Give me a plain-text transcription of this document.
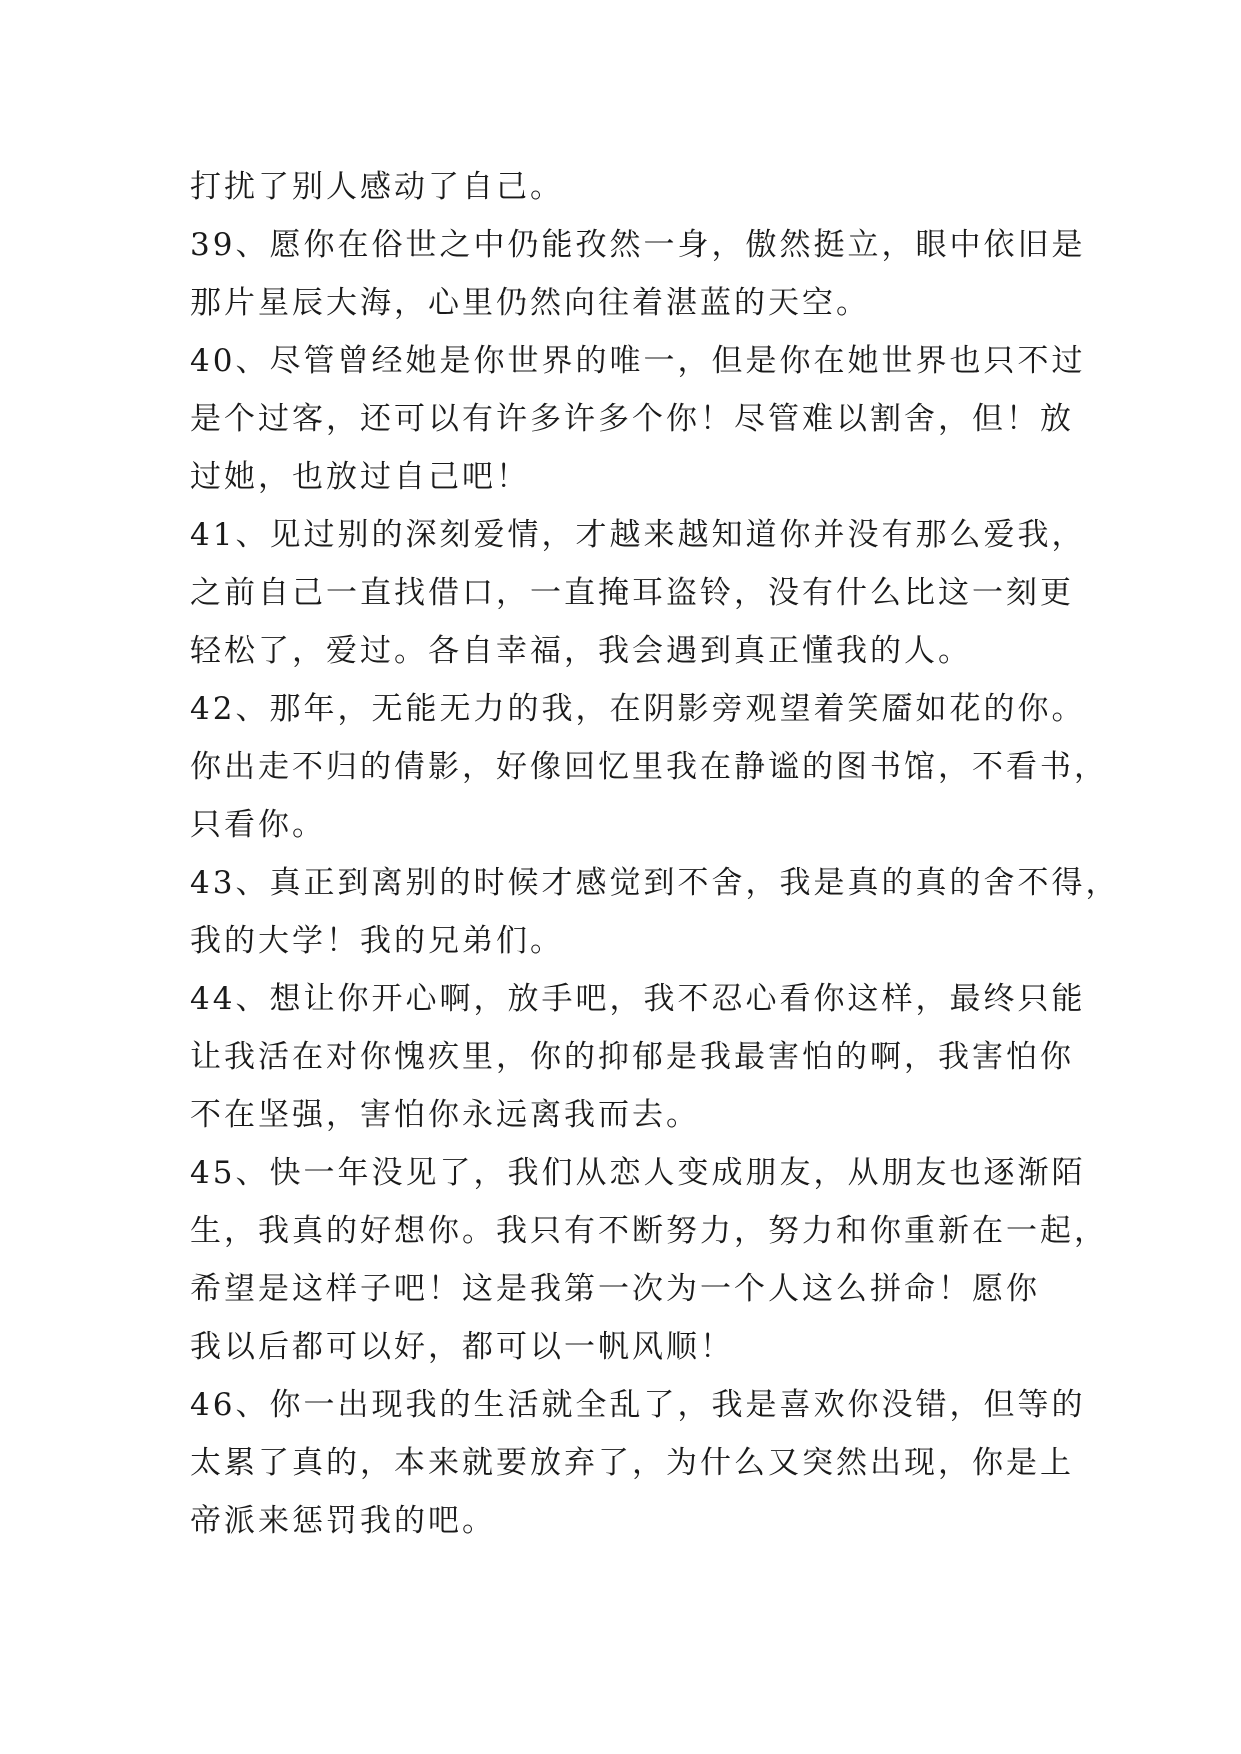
打扰了别人感动了自己。
39、愿你在俗世之中仍能孜然一身，傲然挺立，眼中依旧是
那片星辰大海，心里仍然向往着湛蓝的天空。
40、尽管曾经她是你世界的唯一，但是你在她世界也只不过
是个过客，还可以有许多许多个你！尽管难以割舍，但！放
过她，也放过自己吧！
41、见过别的深刻爱情，才越来越知道你并没有那么爱我，
之前自己一直找借口，一直掩耳盗铃，没有什么比这一刻更
轻松了，爱过。各自幸福，我会遇到真正懂我的人。
42、那年，无能无力的我，在阴影旁观望着笑靥如花的你。
你出走不归的倩影，好像回忆里我在静谧的图书馆，不看书，
只看你。
43、真正到离别的时候才感觉到不舍，我是真的真的舍不得，
我的大学！我的兄弟们。
44、想让你开心啊，放手吧，我不忍心看你这样，最终只能
让我活在对你愧疚里，你的抑郁是我最害怕的啊，我害怕你
不在坚强，害怕你永远离我而去。
45、快一年没见了，我们从恋人变成朋友，从朋友也逐渐陌
生，我真的好想你。我只有不断努力，努力和你重新在一起，
希望是这样子吧！这是我第一次为一个人这么拼命！愿你
我以后都可以好，都可以一帆风顺！
46、你一出现我的生活就全乱了，我是喜欢你没错，但等的
太累了真的，本来就要放弃了，为什么又突然出现，你是上
帝派来惩罚我的吧。
